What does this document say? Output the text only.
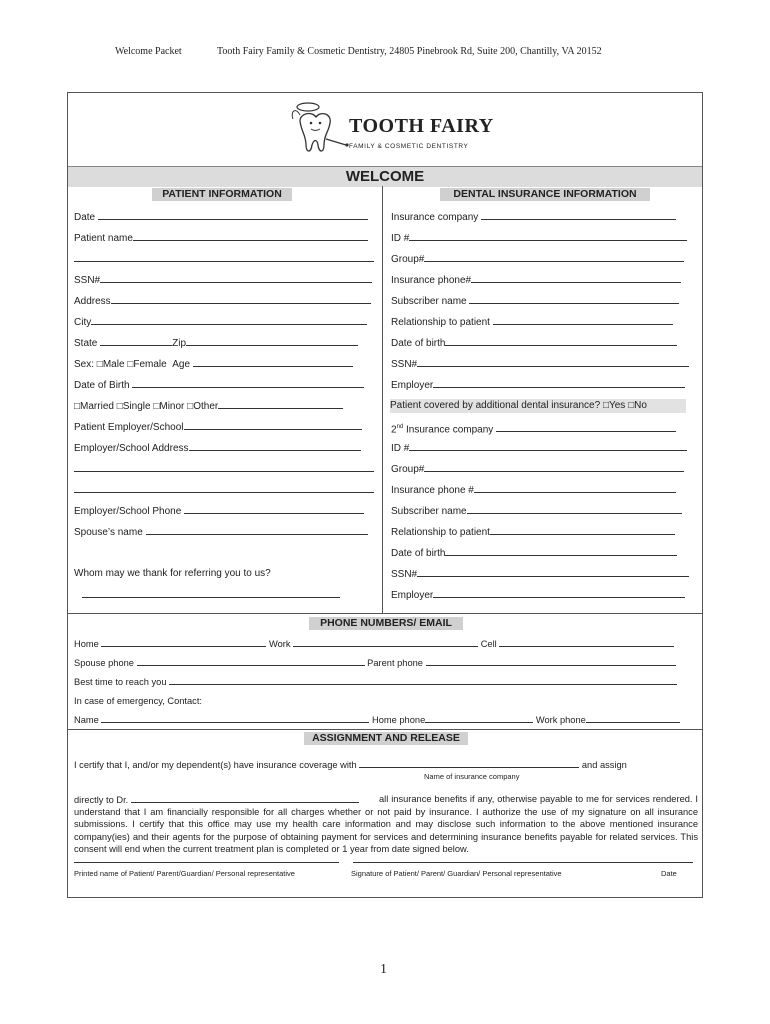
Welcome Packet	Tooth Fairy Family & Cosmetic Dentistry, 24805 Pinebrook Rd, Suite 200, Chantilly, VA 20152
TOOTH FAIRY
FAMILY & COSMETIC DENTISTRY
WELCOME
PATIENT INFORMATION
Date
Patient name
SSN#
Address
City
State	Zip
Sex: □Male □Female Age
Date of Birth
□Married □Single □Minor □Other
Patient Employer/School
Employer/School Address
Employer/School Phone
Spouse’s name
Whom may we thank for referring you to us?
DENTAL INSURANCE INFORMATION
Insurance company
ID #
Group#
Insurance phone#
Subscriber name
Relationship to patient
Date of birth
SSN#
Employer
Patient covered by additional dental insurance? □Yes □No
2nd Insurance company
ID #
Group#
Insurance phone #
Subscriber name
Relationship to patient
Date of birth
SSN#
Employer
PHONE NUMBERS/ EMAIL
Home	Work	Cell
Spouse phone	Parent phone
Best time to reach you
In case of emergency, Contact:
Name	Home phone	Work phone
ASSIGNMENT AND RELEASE
I certify that I, and/or my dependent(s) have insurance coverage with	and assign
Name of insurance company
directly to Dr.	all insurance benefits if any, otherwise payable to me for services rendered. I understand that I am financially responsible for all charges whether or not paid by insurance. I authorize the use of my signature on all insurance submissions. I certify that this office may use my health care information and may disclose such information to the above mentioned insurance company(ies) and their agents for the purpose of obtaining payment for services and determining insurance benefits payable for related services. This consent will end when the current treatment plan is completed or 1 year from date signed below.

Printed name of Patient/ Parent/Guardian/ Personal representative	Signature of Patient/ Parent/ Guardian/ Personal representative	Date
1
